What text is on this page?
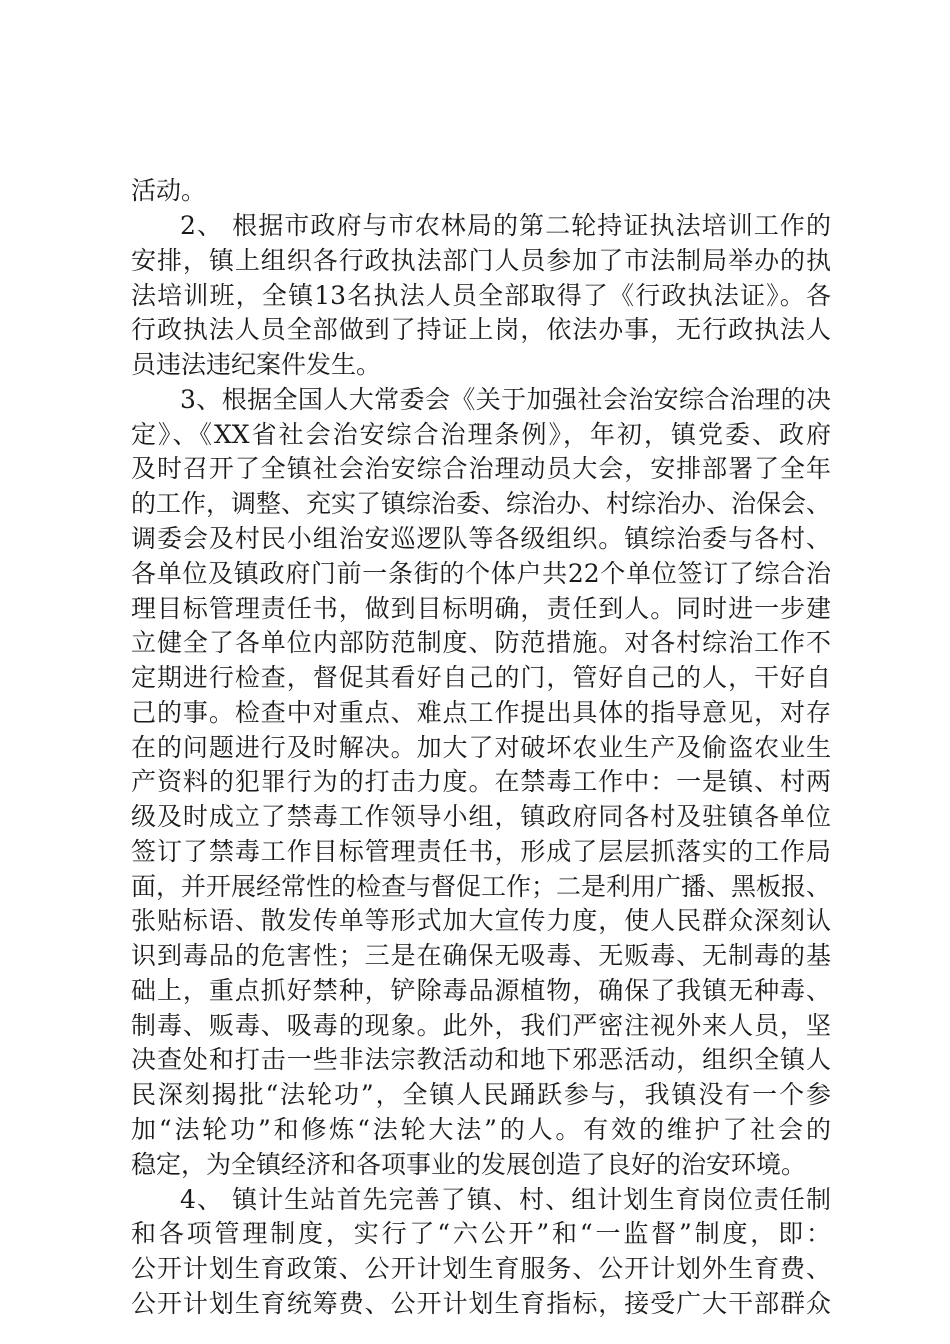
活动。
2、 根据市政府与市农林局的第二轮持证执法培训工作的
安排，镇上组织各行政执法部门人员参加了市法制局举办的执
法培训班，全镇13名执法人员全部取得了《行政执法证》。各
行政执法人员全部做到了持证上岗，依法办事，无行政执法人
员违法违纪案件发生。
3、根据全国人大常委会《关于加强社会治安综合治理的决
定》、《XX省社会治安综合治理条例》，年初，镇党委、政府
及时召开了全镇社会治安综合治理动员大会，安排部署了全年
的工作，调整、充实了镇综治委、综治办、村综治办、治保会、
调委会及村民小组治安巡逻队等各级组织。镇综治委与各村、
各单位及镇政府门前一条街的个体户共22个单位签订了综合治
理目标管理责任书，做到目标明确，责任到人。同时进一步建
立健全了各单位内部防范制度、防范措施。对各村综治工作不
定期进行检查，督促其看好自己的门，管好自己的人，干好自
己的事。检查中对重点、难点工作提出具体的指导意见，对存
在的问题进行及时解决。加大了对破坏农业生产及偷盗农业生
产资料的犯罪行为的打击力度。在禁毒工作中：一是镇、村两
级及时成立了禁毒工作领导小组，镇政府同各村及驻镇各单位
签订了禁毒工作目标管理责任书，形成了层层抓落实的工作局
面，并开展经常性的检查与督促工作；二是利用广播、黑板报、
张贴标语、散发传单等形式加大宣传力度，使人民群众深刻认
识到毒品的危害性；三是在确保无吸毒、无贩毒、无制毒的基
础上，重点抓好禁种，铲除毒品源植物，确保了我镇无种毒、
制毒、贩毒、吸毒的现象。此外，我们严密注视外来人员，坚
决查处和打击一些非法宗教活动和地下邪恶活动，组织全镇人
民深刻揭批“法轮功”，全镇人民踊跃参与，我镇没有一个参
加“法轮功”和修炼“法轮大法”的人。有效的维护了社会的
稳定，为全镇经济和各项事业的发展创造了良好的治安环境。
4、 镇计生站首先完善了镇、村、组计划生育岗位责任制
和各项管理制度，实行了“六公开”和“一监督”制度，即：
公开计划生育政策、公开计划生育服务、公开计划外生育费、
公开计划生育统筹费、公开计划生育指标，接受广大干部群众
